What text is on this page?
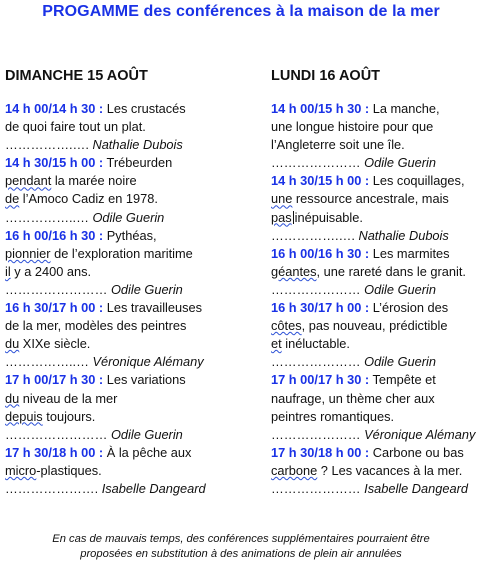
PROGAMME des conférences à la maison de la mer
DIMANCHE 15 AOÛT
14 h 00/14 h 30 : Les crustacés
de quoi faire tout un plat.
…………….…. Nathalie Dubois
14 h 30/15 h 00 : Trébeurden
pendant la marée noire
de l’Amoco Cadiz en 1978.
……………..… Odile Guerin
16 h 00/16 h 30 : Pythéas,
pionnier de l’exploration maritime
il y a 2400 ans.
…………………… Odile Guerin
16 h 30/17 h 00 : Les travailleuses
de la mer, modèles des peintres
du XIXe siècle.
……………..… Véronique Alémany
17 h 00/17 h 30 : Les variations
du niveau de la mer
depuis toujours.
…………………… Odile Guerin
17 h 30/18 h 00 : À la pêche aux
micro-plastiques.
…………………. Isabelle Dangeard
LUNDI 16 AOÛT
14 h 00/15 h 30 : La manche,
une longue histoire pour que
l’Angleterre soit une île.
………………… Odile Guerin
14 h 30/15 h 00 : Les coquillages,
une ressource ancestrale, mais
pas inépuisable.
…………….…. Nathalie Dubois
16 h 00/16 h 30 : Les marmites
géantes, une rareté dans le granit.
………………… Odile Guerin
16 h 30/17 h 00 : L’érosion des
côtes, pas nouveau, prédictible
et inéluctable.
………………… Odile Guerin
17 h 00/17 h 30 : Tempête et
naufrage, un thème cher aux
peintres romantiques.
………………… Véronique Alémany
17 h 30/18 h 00 : Carbone ou bas
carbone ? Les vacances à la mer.
………………… Isabelle Dangeard
En cas de mauvais temps, des conférences supplémentaires pourraient être
proposées en substitution à des animations de plein air annulées
